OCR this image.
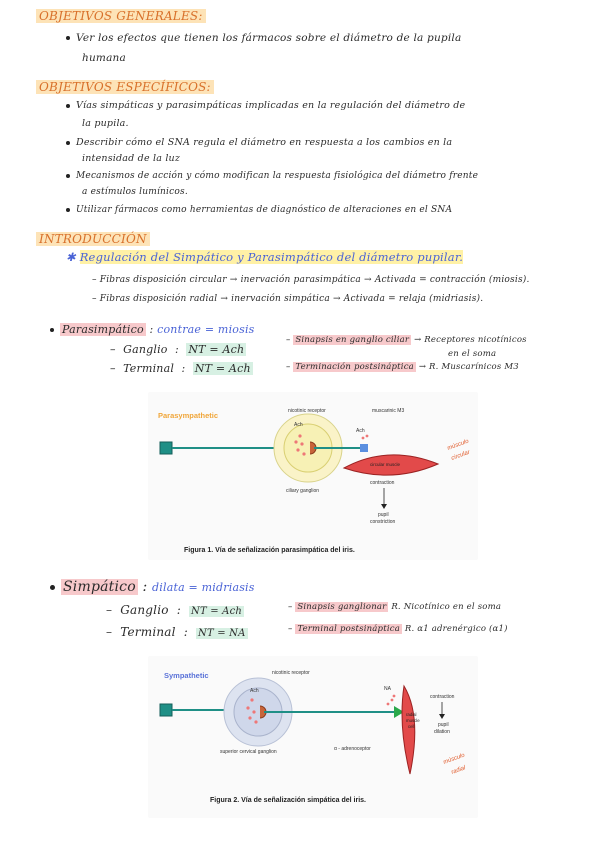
OBJETIVOS GENERALES:
Ver los efectos que tienen los fármacos sobre el diámetro de la pupila
humana
OBJETIVOS ESPECÍFICOS:
Vías simpáticas y parasimpáticas implicadas en la regulación del diámetro de
la pupila.
Describir cómo el SNA regula el diámetro en respuesta a los cambios en la
intensidad de la luz
Mecanismos de acción y cómo modifican la respuesta fisiológica del diámetro frente
a estímulos lumínicos.
Utilizar fármacos como herramientas de diagnóstico de alteraciones en el SNA
INTRODUCCIÓN
✱ Regulación del Simpático y Parasimpático del diámetro pupilar.
– Fibras disposición circular → inervación parasimpática → Activada = contracción (miosis).
– Fibras disposición radial → inervación simpática → Activada = relaja (midriasis).
Parasimpático : contrae = miosis
–  Ganglio  :  NT = Ach
–  Terminal  :  NT = Ach
– Sinapsis en ganglio ciliar → Receptores nicotínicos
en el soma
– Terminación postsináptica → R. Muscarínicos M3
Parasympathetic
Ach
nicotinic receptor
Ach
muscarinic M3
circular muscle
ciliary ganglion
contraction
pupil
constriction
músculo
circular
Figura 1. Vía de señalización parasimpática del iris.
Simpático : dilata = midriasis
–  Ganglio  :  NT = Ach
–  Terminal  :  NT = NA
– Sinapsis ganglionar R. Nicotínico en el soma
– Terminal postsináptica R. α1 adrenérgico (α1)
Sympathetic
Ach
nicotinic receptor
NA
radial
muscle
cell
superior cervical ganglion	α - adrenoceptor
contraction
pupil
dilation
músculo
radial
Figura 2. Vía de señalización simpática del iris.
